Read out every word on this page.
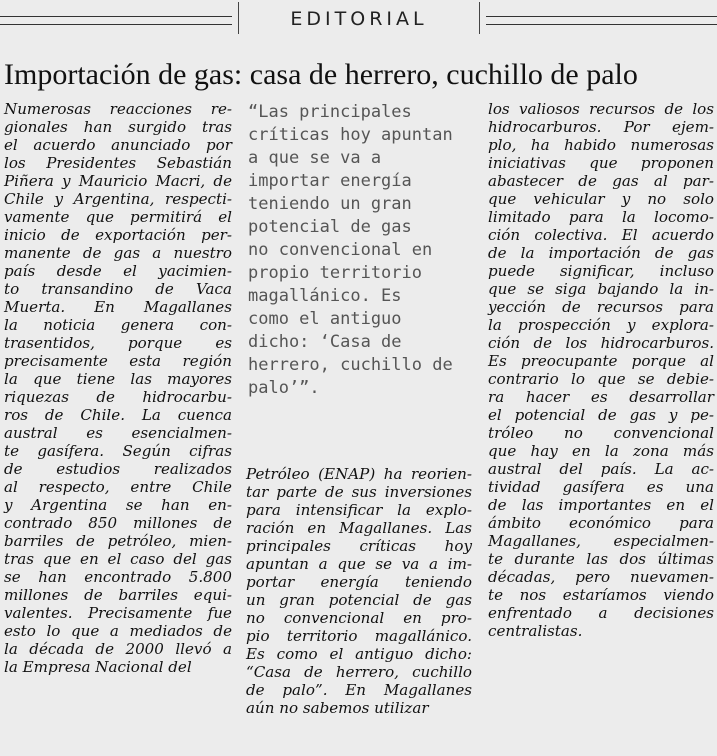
EDITORIAL
Importación de gas: casa de herrero, cuchillo de palo
Numerosas reacciones re-
gionales han surgido tras
el acuerdo anunciado por
los Presidentes Sebastián
Piñera y Mauricio Macri, de
Chile y Argentina, respecti-
vamente que permitirá el
inicio de exportación per-
manente de gas a nuestro
país desde el yacimien-
to transandino de Vaca
Muerta. En Magallanes
la noticia genera con-
trasentidos, porque es
precisamente esta región
la que tiene las mayores
riquezas de hidrocarbu-
ros de Chile. La cuenca
austral es esencialmen-
te gasífera. Según cifras
de estudios realizados
al respecto, entre Chile
y Argentina se han en-
contrado 850 millones de
barriles de petróleo, mien-
tras que en el caso del gas
se han encontrado 5.800
millones de barriles equi-
valentes. Precisamente fue
esto lo que a mediados de
la década de 2000 llevó a
la Empresa Nacional del
“Las principales
críticas hoy apuntan
a que se va a
importar energía
teniendo un gran
potencial de gas
no convencional en
propio territorio
magallánico. Es
como el antiguo
dicho: ‘Casa de
herrero, cuchillo de
palo’”.
Petróleo (ENAP) ha reorien-
tar parte de sus inversiones
para intensificar la explo-
ración en Magallanes. Las
principales críticas hoy
apuntan a que se va a im-
portar energía teniendo
un gran potencial de gas
no convencional en pro-
pio territorio magallánico.
Es como el antiguo dicho:
“Casa de herrero, cuchillo
de palo”. En Magallanes
aún no sabemos utilizar
los valiosos recursos de los
hidrocarburos. Por ejem-
plo, ha habido numerosas
iniciativas que proponen
abastecer de gas al par-
que vehicular y no solo
limitado para la locomo-
ción colectiva. El acuerdo
de la importación de gas
puede significar, incluso
que se siga bajando la in-
yección de recursos para
la prospección y explora-
ción de los hidrocarburos.
Es preocupante porque al
contrario lo que se debie-
ra hacer es desarrollar
el potencial de gas y pe-
tróleo no convencional
que hay en la zona más
austral del país. La ac-
tividad gasífera es una
de las importantes en el
ámbito económico para
Magallanes, especialmen-
te durante las dos últimas
décadas, pero nuevamen-
te nos estaríamos viendo
enfrentado a decisiones
centralistas.
